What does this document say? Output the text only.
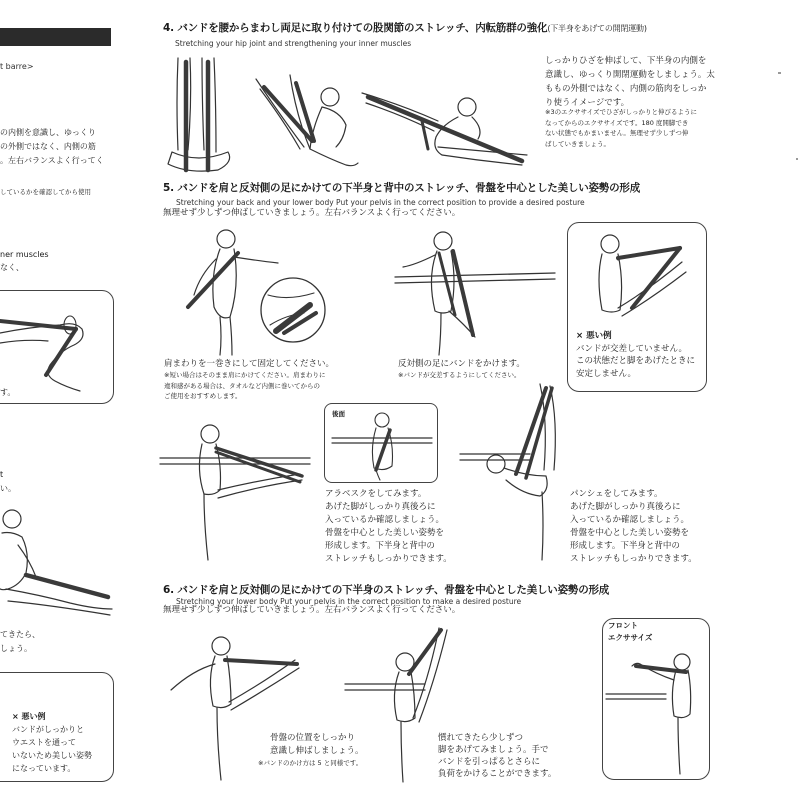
t barre>
の内側を意識し、ゆっくり
の外側ではなく、内側の筋
。左右バランスよく行ってく
しているかを確認してから使用
ner muscles
なく、
す。
t
い。
てきたら、
しょう。
× 悪い例
バンドがしっかりと
ウエストを通って
いないため美しい姿勢
になっています。
4. バンドを腰からまわし両足に取り付けての股関節のストレッチ、内転筋群の強化(下半身をあげての開閉運動)
Stretching your hip joint and strengthening your inner muscles
しっかりひざを伸ばして、下半身の内側を
意識し、ゆっくり開閉運動をしましょう。太
ももの外側ではなく、内側の筋肉をしっか
り使うイメージです。
※3のエクササイズでひざがしっかりと伸びるように
なってからのエクササイズです。180 度開脚でき
ない状態でもかまいません。無理せず少しずつ伸
ばしていきましょう。
5. バンドを肩と反対側の足にかけての下半身と背中のストレッチ、骨盤を中心とした美しい姿勢の形成
Stretching your back and your lower body Put your pelvis in the correct position to provide a desired posture
無理せず少しずつ伸ばしていきましょう。左右バランスよく行ってください。
肩まわりを一巻きにして固定してください。
※短い場合はそのまま肩にかけてください。肩まわりに
違和感がある場合は、タオルなど内側に巻いてからの
ご使用をおすすめします。
反対側の足にバンドをかけます。
※バンドが交差するようにしてください。
× 悪い例
バンドが交差していません。
この状態だと脚をあげたときに
安定しません。
後面
アラベスクをしてみます。
あげた脚がしっかり真後ろに
入っているか確認しましょう。
骨盤を中心とした美しい姿勢を
形成します。下半身と背中の
ストレッチもしっかりできます。
パンシェをしてみます。
あげた脚がしっかり真後ろに
入っているか確認しましょう。
骨盤を中心とした美しい姿勢を
形成します。下半身と背中の
ストレッチもしっかりできます。
6. バンドを肩と反対側の足にかけての下半身のストレッチ、骨盤を中心とした美しい姿勢の形成
Stretching your lower body Put your pelvis in the correct position to make a desired posture
無理せず少しずつ伸ばしていきましょう。左右バランスよく行ってください。
骨盤の位置をしっかり
意識し伸ばしましょう。
※バンドのかけ方は 5 と同様です。
慣れてきたら少しずつ
脚をあげてみましょう。手で
バンドを引っぱるとさらに
負荷をかけることができます。
フロント
エクササイズ
